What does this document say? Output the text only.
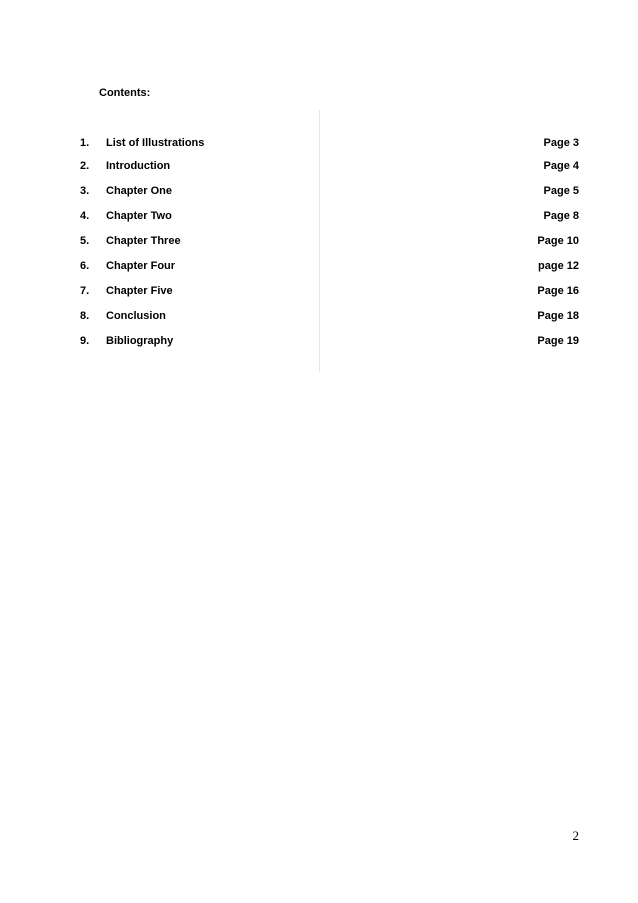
Contents:
1. List of Illustrations	Page 3
2. Introduction	Page 4
3. Chapter One	Page 5
4. Chapter Two	Page 8
5. Chapter Three	Page 10
6. Chapter Four	page 12
7. Chapter Five	Page 16
8. Conclusion	Page 18
9. Bibliography	Page 19
2
